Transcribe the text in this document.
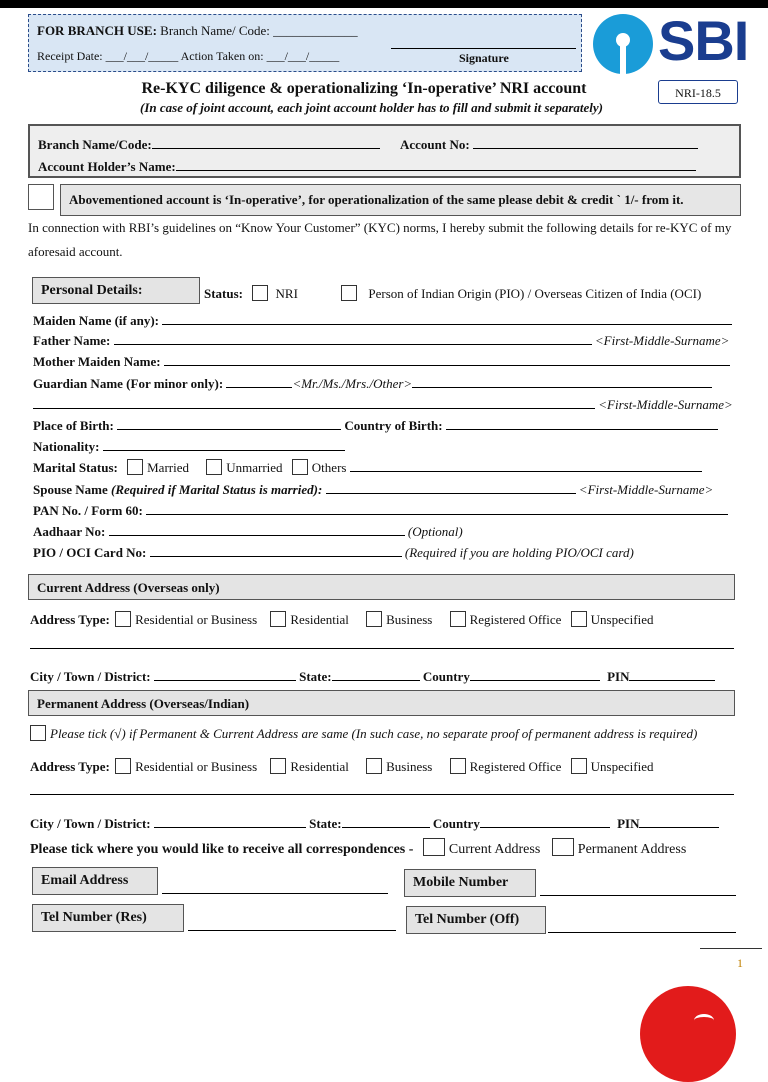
FOR BRANCH USE: Branch Name/ Code: _____________
Receipt Date: ___/___/_____ Action Taken on: ___/___/_____	Signature	SBI
NRI-18.5
Re-KYC diligence & operationalizing ‘In-operative’ NRI account
(In case of joint account, each joint account holder has to fill and submit it separately)
Branch Name/Code:	Account No:
Account Holder’s Name:
Abovementioned account is ‘In-operative’, for operationalization of the same please debit & credit ` 1/- from it.
In connection with RBI’s guidelines on “Know Your Customer” (KYC) norms, I hereby submit the following details for re-KYC of my aforesaid account.
Personal Details:	Status:	NRI	Person of Indian Origin (PIO) / Overseas Citizen of India (OCI)
Maiden Name (if any):
Father Name:	<First-Middle-Surname>
Mother Maiden Name:
Guardian Name (For minor only):	<Mr./Ms./Mrs./Other>
<First-Middle-Surname>
Place of Birth:	Country of Birth:
Nationality:
Marital Status: Married	Unmarried Others
Spouse Name (Required if Marital Status is married):	<First-Middle-Surname>
PAN No. / Form 60:
Aadhaar No:	(Optional)
PIO / OCI Card No:	(Required if you are holding PIO/OCI card)
Current Address (Overseas only)
Address Type: Residential or Business	Residential	Business	Registered Office Unspecified
City / Town / District:	State:	Country	PIN
Permanent Address (Overseas/Indian)
Please tick (√) if Permanent & Current Address are same (In such case, no separate proof of permanent address is required)
Address Type: Residential or Business	Residential	Business	Registered Office Unspecified
City / Town / District:	State:	Country	PIN
Please tick where you would like to receive all correspondences -	Current Address	Permanent Address
Email Address	Mobile Number
Tel Number (Res)	Tel Number (Off)
1
